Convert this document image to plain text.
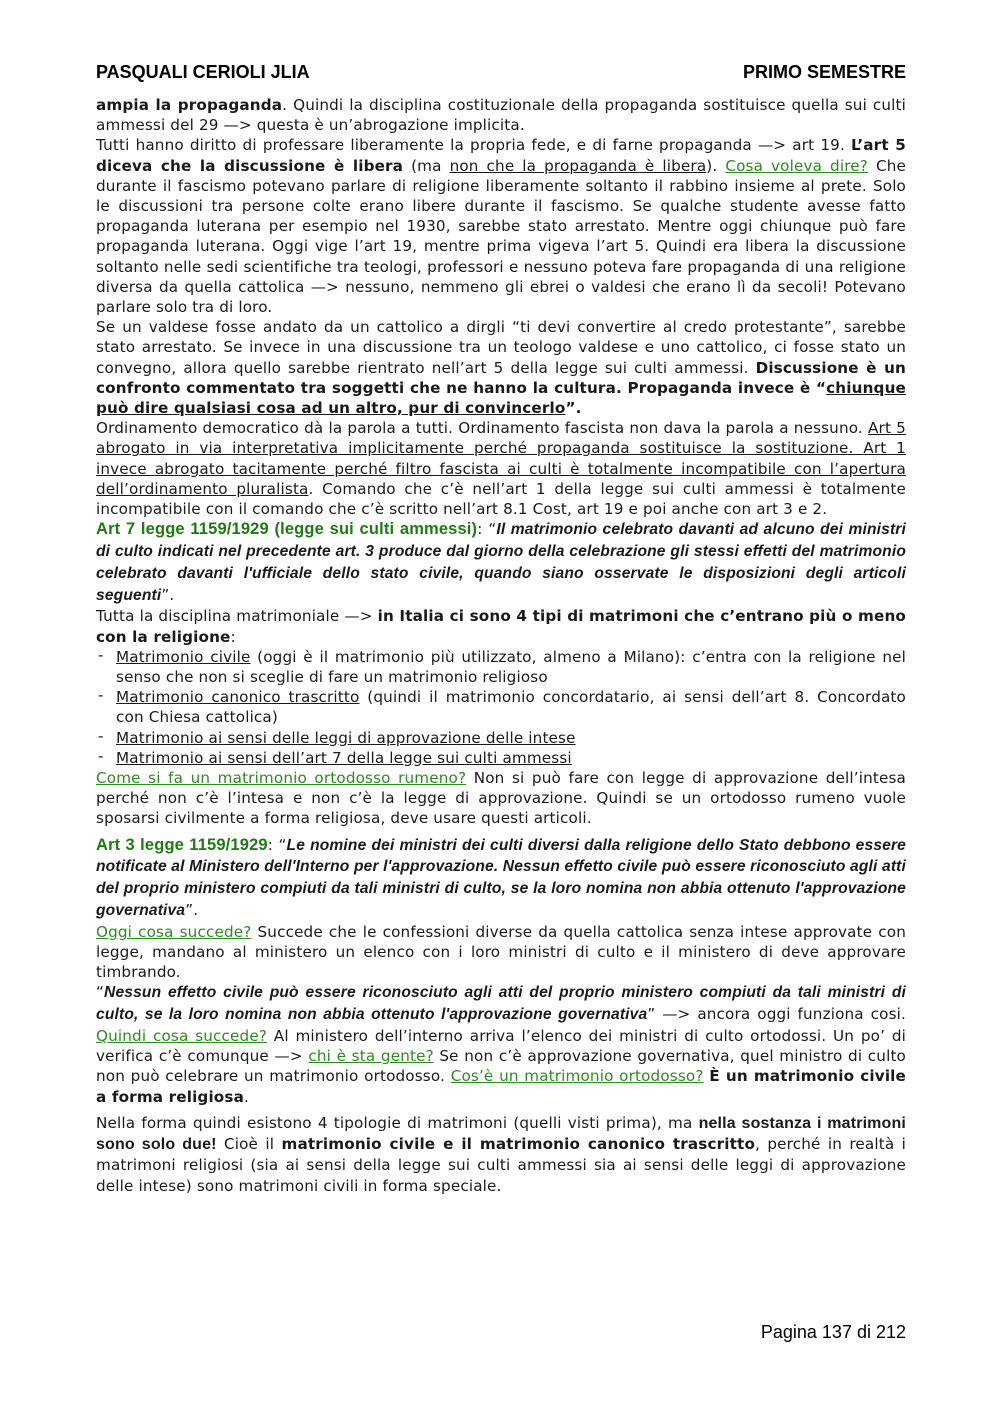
PASQUALI CERIOLI JLIA	PRIMO SEMESTRE

ampia la propaganda. Quindi la disciplina costituzionale della propaganda sostituisce quella sui culti ammessi del 29 —> questa è un’abrogazione implicita.

Tutti hanno diritto di professare liberamente la propria fede, e di farne propaganda —> art 19. L’art 5 diceva che la discussione è libera (ma non che la propaganda è libera). Cosa voleva dire? Che durante il fascismo potevano parlare di religione liberamente soltanto il rabbino insieme al prete. Solo le discussioni tra persone colte erano libere durante il fascismo. Se qualche studente avesse fatto propaganda luterana per esempio nel 1930, sarebbe stato arrestato. Mentre oggi chiunque può fare propaganda luterana. Oggi vige l’art 19, mentre prima vigeva l’art 5. Quindi era libera la discussione soltanto nelle sedi scientifiche tra teologi, professori e nessuno poteva fare propaganda di una religione diversa da quella cattolica —> nessuno, nemmeno gli ebrei o valdesi che erano lì da secoli! Potevano parlare solo tra di loro.

Se un valdese fosse andato da un cattolico a dirgli “ti devi convertire al credo protestante”, sarebbe stato arrestato. Se invece in una discussione tra un teologo valdese e uno cattolico, ci fosse stato un convegno, allora quello sarebbe rientrato nell’art 5 della legge sui culti ammessi. Discussione è un confronto commentato tra soggetti che ne hanno la cultura. Propaganda invece è “chiunque può dire qualsiasi cosa ad un altro, pur di convincerlo”.

Ordinamento democratico dà la parola a tutti. Ordinamento fascista non dava la parola a nessuno. Art 5 abrogato in via interpretativa implicitamente perché propaganda sostituisce la sostituzione. Art 1 invece abrogato tacitamente perché filtro fascista ai culti è totalmente incompatibile con l’apertura dell’ordinamento pluralista. Comando che c’è nell’art 1 della legge sui culti ammessi è totalmente incompatibile con il comando che c’è scritto nell’art 8.1 Cost, art 19 e poi anche con art 3 e 2.

Art 7 legge 1159/1929 (legge sui culti ammessi): “Il matrimonio celebrato davanti ad alcuno dei ministri di culto indicati nel precedente art. 3 produce dal giorno della celebrazione gli stessi effetti del matrimonio celebrato davanti l'ufficiale dello stato civile, quando siano osservate le disposizioni degli articoli seguenti”.

Tutta la disciplina matrimoniale —> in Italia ci sono 4 tipi di matrimoni che c’entrano più o meno con la religione:

- Matrimonio civile (oggi è il matrimonio più utilizzato, almeno a Milano): c’entra con la religione nel senso che non si sceglie di fare un matrimonio religioso
- Matrimonio canonico trascritto (quindi il matrimonio concordatario, ai sensi dell’art 8. Concordato con Chiesa cattolica)
- Matrimonio ai sensi delle leggi di approvazione delle intese
- Matrimonio ai sensi dell’art 7 della legge sui culti ammessi

Come si fa un matrimonio ortodosso rumeno? Non si può fare con legge di approvazione dell’intesa perché non c’è l’intesa e non c’è la legge di approvazione. Quindi se un ortodosso rumeno vuole sposarsi civilmente a forma religiosa, deve usare questi articoli.

Art 3 legge 1159/1929: “Le nomine dei ministri dei culti diversi dalla religione dello Stato debbono essere notificate al Ministero dell'Interno per l'approvazione. Nessun effetto civile può essere riconosciuto agli atti del proprio ministero compiuti da tali ministri di culto, se la loro nomina non abbia ottenuto l'approvazione governativa”.

Oggi cosa succede? Succede che le confessioni diverse da quella cattolica senza intese approvate con legge, mandano al ministero un elenco con i loro ministri di culto e il ministero di deve approvare timbrando.

“Nessun effetto civile può essere riconosciuto agli atti del proprio ministero compiuti da tali ministri di culto, se la loro nomina non abbia ottenuto l'approvazione governativa” —> ancora oggi funziona cosi. Quindi cosa succede? Al ministero dell’interno arriva l’elenco dei ministri di culto ortodossi. Un po’ di verifica c’è comunque —> chi è sta gente? Se non c’è approvazione governativa, quel ministro di culto non può celebrare un matrimonio ortodosso. Cos’è un matrimonio ortodosso? È un matrimonio civile a forma religiosa.

Nella forma quindi esistono 4 tipologie di matrimoni (quelli visti prima), ma nella sostanza i matrimoni sono solo due! Cioè il matrimonio civile e il matrimonio canonico trascritto, perché in realtà i matrimoni religiosi (sia ai sensi della legge sui culti ammessi sia ai sensi delle leggi di approvazione delle intese) sono matrimoni civili in forma speciale.

Pagina 137 di 212
